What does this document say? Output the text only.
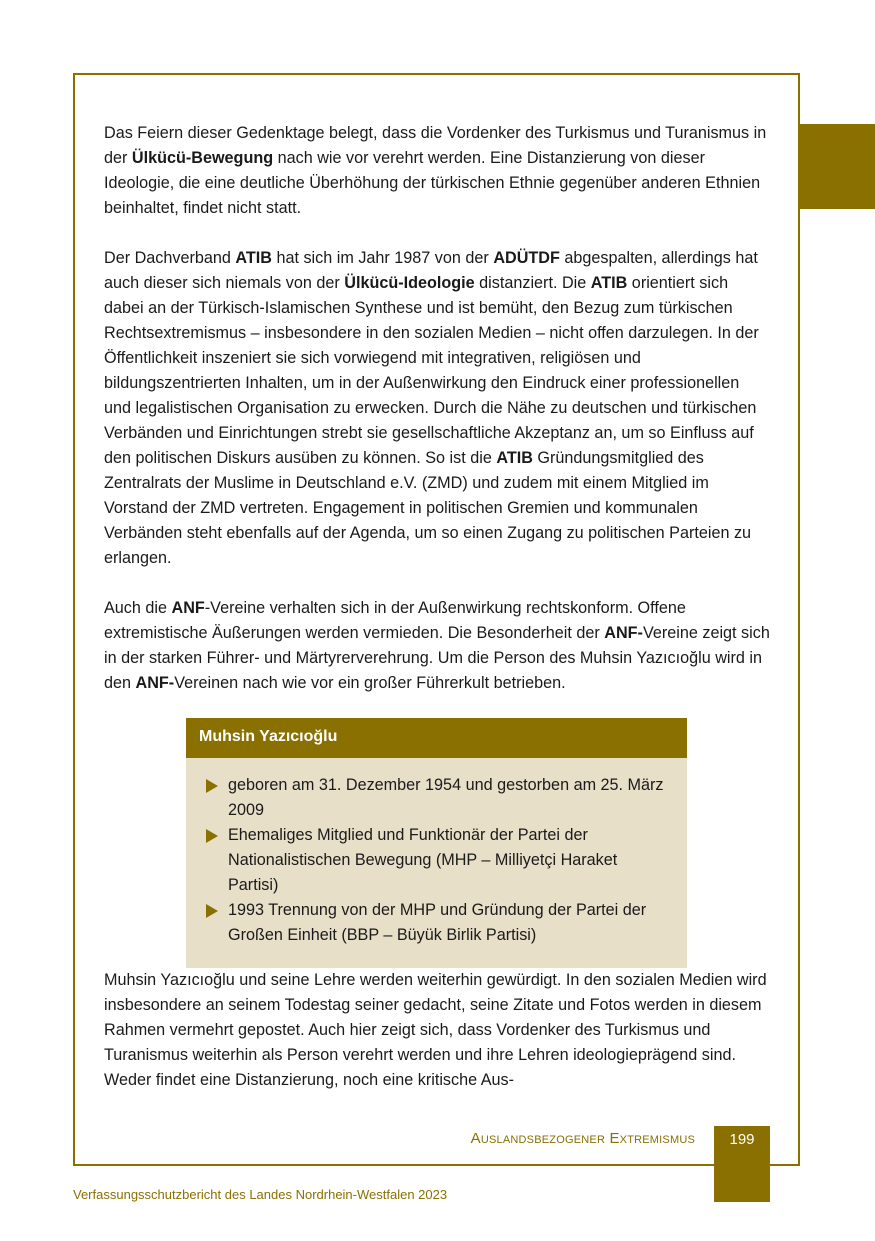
Das Feiern dieser Gedenktage belegt, dass die Vordenker des Turkismus und Turanismus in der Ülkücü-Bewegung nach wie vor verehrt werden. Eine Distanzierung von dieser Ideologie, die eine deutliche Überhöhung der türkischen Ethnie gegenüber anderen Ethnien beinhaltet, findet nicht statt.

Der Dachverband ATIB hat sich im Jahr 1987 von der ADÜTDF abgespalten, allerdings hat auch dieser sich niemals von der Ülkücü-Ideologie distanziert. Die ATIB orientiert sich dabei an der Türkisch-Islamischen Synthese und ist bemüht, den Bezug zum türkischen Rechtsextremismus – insbesondere in den sozialen Medien – nicht offen darzulegen. In der Öffentlichkeit inszeniert sie sich vorwiegend mit integrativen, religiösen und bildungszentrierten Inhalten, um in der Außenwirkung den Eindruck einer professionellen und legalistischen Organisation zu erwecken. Durch die Nähe zu deutschen und türkischen Verbänden und Einrichtungen strebt sie gesellschaftliche Akzeptanz an, um so Einfluss auf den politischen Diskurs ausüben zu können. So ist die ATIB Gründungsmitglied des Zentralrats der Muslime in Deutschland e.V. (ZMD) und zudem mit einem Mitglied im Vorstand der ZMD vertreten. Engagement in politischen Gremien und kommunalen Verbänden steht ebenfalls auf der Agenda, um so einen Zugang zu politischen Parteien zu erlangen.

Auch die ANF-Vereine verhalten sich in der Außenwirkung rechtskonform. Offene extremistische Äußerungen werden vermieden. Die Besonderheit der ANF-Vereine zeigt sich in der starken Führer- und Märtyrerverehrung. Um die Person des Muhsin Yazıcıoğlu wird in den ANF-Vereinen nach wie vor ein großer Führerkult betrieben.

Muhsin Yazıcıoğlu
geboren am 31. Dezember 1954 und gestorben am 25. März 2009
Ehemaliges Mitglied und Funktionär der Partei der Nationalistischen Bewegung (MHP – Milliyetçi Haraket Partisi)
1993 Trennung von der MHP und Gründung der Partei der Großen Einheit (BBP – Büyük Birlik Partisi)

Muhsin Yazıcıoğlu und seine Lehre werden weiterhin gewürdigt. In den sozialen Medien wird insbesondere an seinem Todestag seiner gedacht, seine Zitate und Fotos werden in diesem Rahmen vermehrt gepostet. Auch hier zeigt sich, dass Vordenker des Turkismus und Turanismus weiterhin als Person verehrt werden und ihre Lehren ideologieprägend sind. Weder findet eine Distanzierung, noch eine kritische Aus-

Auslandsbezogener Extremismus	199
Verfassungsschutzbericht des Landes Nordrhein-Westfalen 2023
